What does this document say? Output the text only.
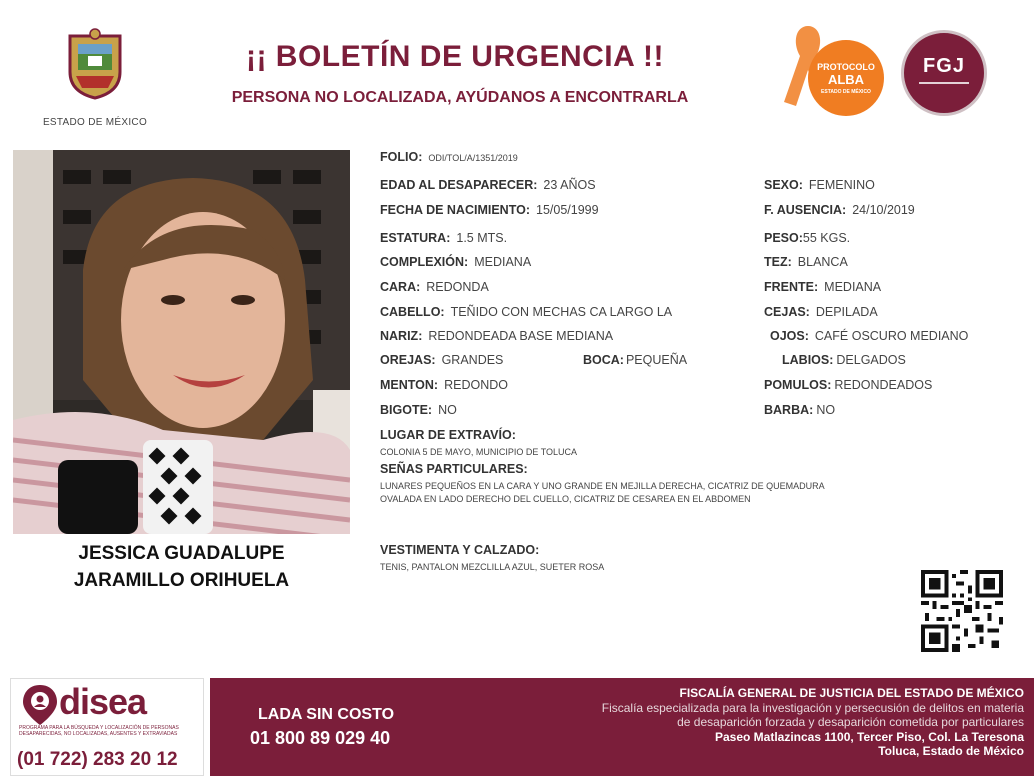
ESTADO DE MÉXICO
¡¡ BOLETÍN DE URGENCIA !!
PERSONA NO LOCALIZADA, AYÚDANOS A ENCONTRARLA
PROTOCOLO
ALBA
ESTADO DE MÉXICO
FGJ
JESSICA GUADALUPE
JARAMILLO ORIHUELA
FOLIO: ODI/TOL/A/1351/2019
EDAD AL DESAPARECER: 23 AÑOS	SEXO: FEMENINO
FECHA DE NACIMIENTO: 15/05/1999	F. AUSENCIA: 24/10/2019
ESTATURA: 1.5 MTS.	PESO:55 KGS.
COMPLEXIÓN: MEDIANA	TEZ: BLANCA
CARA: REDONDA	FRENTE: MEDIANA
CABELLO: TEÑIDO CON MECHAS CA LARGO LA	CEJAS: DEPILADA
NARIZ: REDONDEADA BASE MEDIANA	OJOS: CAFÉ OSCURO MEDIANO
OREJAS: GRANDES	BOCA: PEQUEÑA	LABIOS: DELGADOS
MENTON: REDONDO	POMULOS: REDONDEADOS
BIGOTE: NO	BARBA: NO
LUGAR DE EXTRAVÍO:
COLONIA 5 DE MAYO, MUNICIPIO DE TOLUCA
SEÑAS PARTICULARES:
LUNARES PEQUEÑOS EN LA CARA Y UNO GRANDE EN MEJILLA DERECHA, CICATRIZ DE QUEMADURA
OVALADA EN LADO DERECHO DEL CUELLO, CICATRIZ DE CESAREA EN EL ABDOMEN
VESTIMENTA Y CALZADO:
TENIS, PANTALON MEZCLILLA AZUL, SUETER ROSA
disea
PROGRAMA PARA LA BÚSQUEDA Y LOCALIZACIÓN DE PERSONAS DESAPARECIDAS, NO LOCALIZADAS, AUSENTES Y EXTRAVIADAS
(01 722) 283 20 12
LADA SIN COSTO
01 800 89 029 40
FISCALÍA GENERAL DE JUSTICIA DEL ESTADO DE MÉXICO
Fiscalía especializada para la investigación y persecusión de delitos en materia
de desaparición forzada y desaparición cometida por particulares
Paseo Matlazincas 1100, Tercer Piso, Col. La Teresona
Toluca, Estado de México
